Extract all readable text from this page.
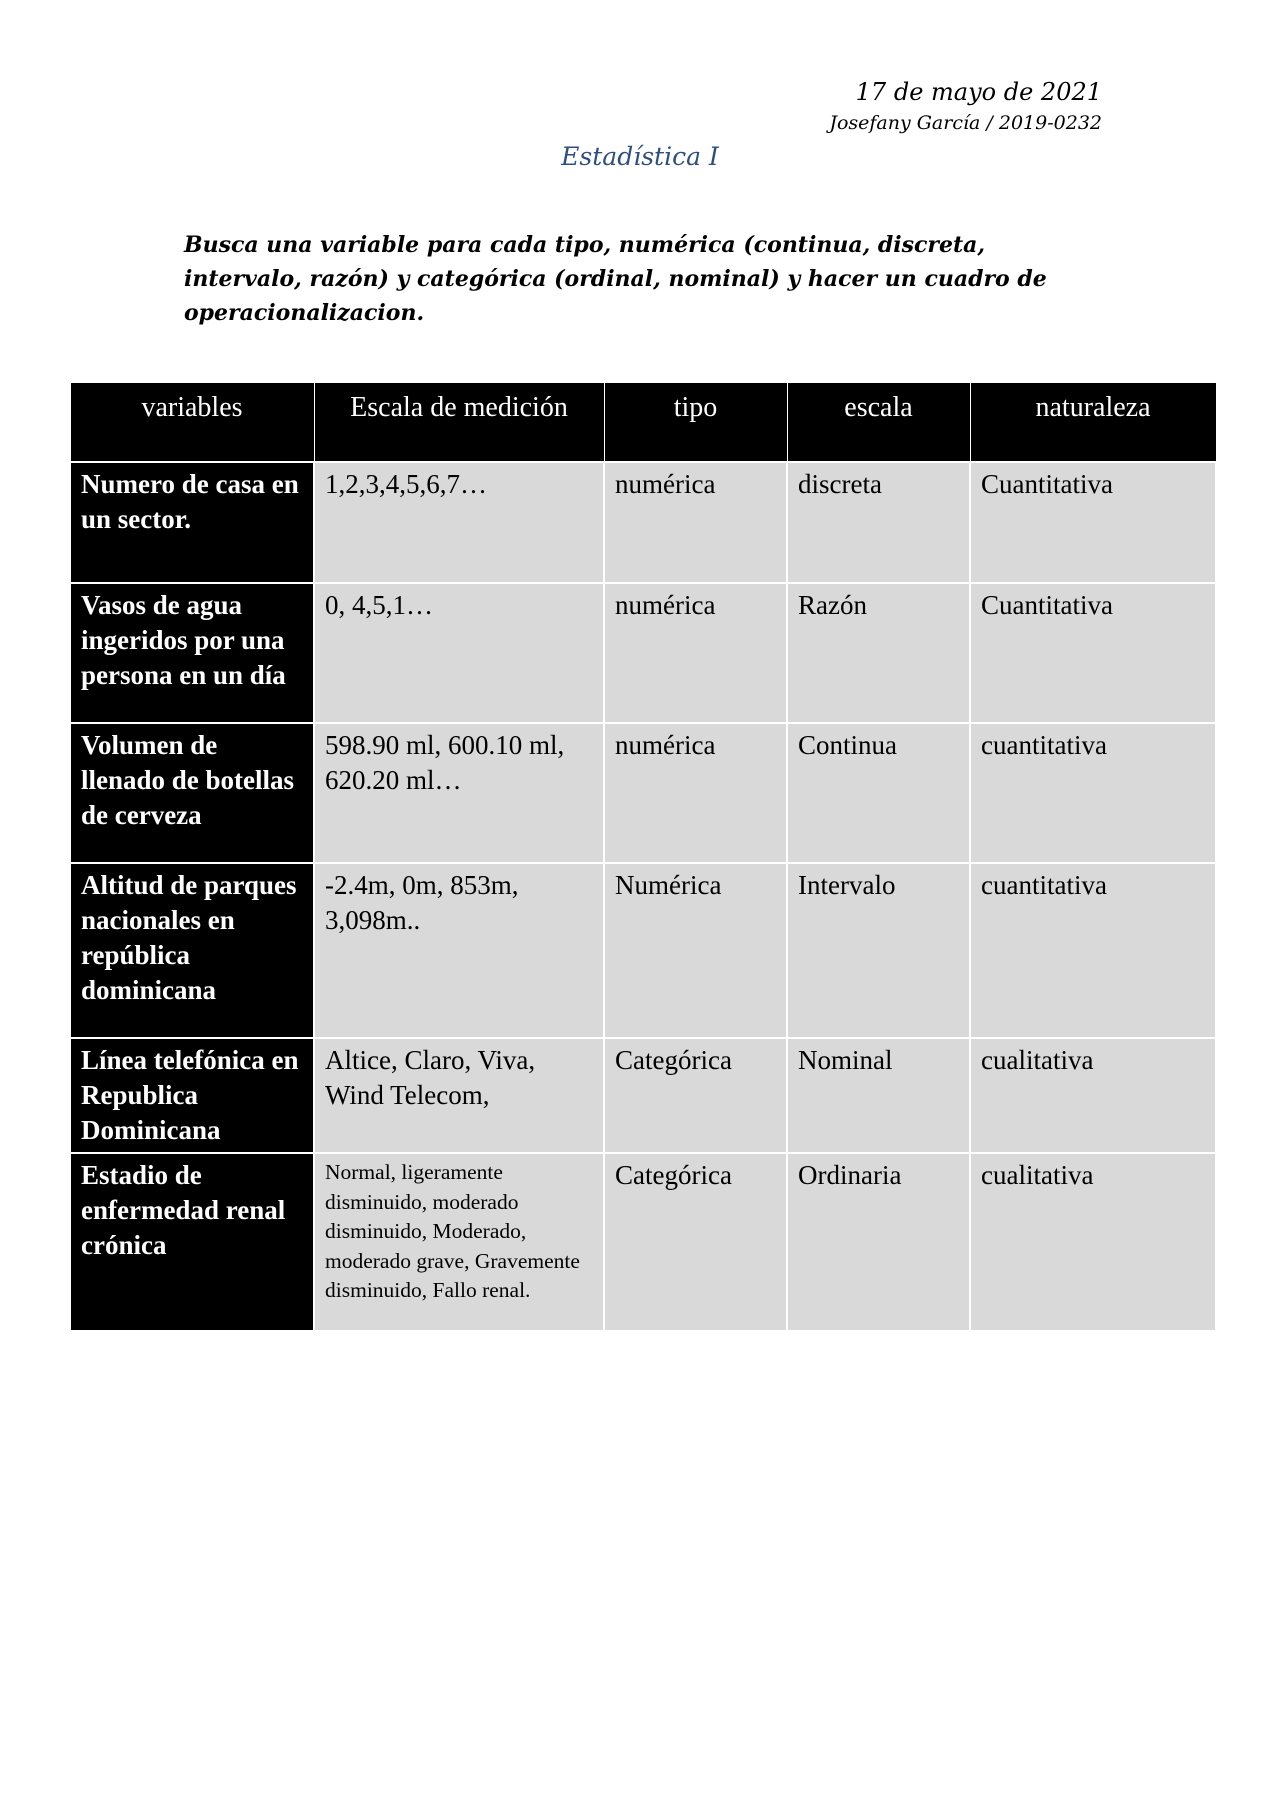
17 de mayo de 2021
Josefany García / 2019-0232
Estadística I
Busca una variable para cada tipo, numérica (continua, discreta, intervalo, razón) y categórica (ordinal, nominal) y hacer un cuadro de operacionalizacion.
variables	Escala de medición	tipo	escala	naturaleza
Numero de casa en un sector.	1,2,3,4,5,6,7…	numérica	discreta	Cuantitativa
Vasos de agua ingeridos por una persona en un día	0, 4,5,1…	numérica	Razón	Cuantitativa
Volumen de llenado de botellas de cerveza	598.90 ml, 600.10 ml, 620.20 ml…	numérica	Continua	cuantitativa
Altitud de parques nacionales en república dominicana	-2.4m, 0m, 853m, 3,098m..	Numérica	Intervalo	cuantitativa
Línea telefónica en Republica Dominicana	Altice, Claro, Viva, Wind Telecom,	Categórica	Nominal	cualitativa
Estadio de enfermedad renal crónica	Normal, ligeramente disminuido, moderado disminuido, Moderado, moderado grave, Gravemente disminuido, Fallo renal.	Categórica	Ordinaria	cualitativa
